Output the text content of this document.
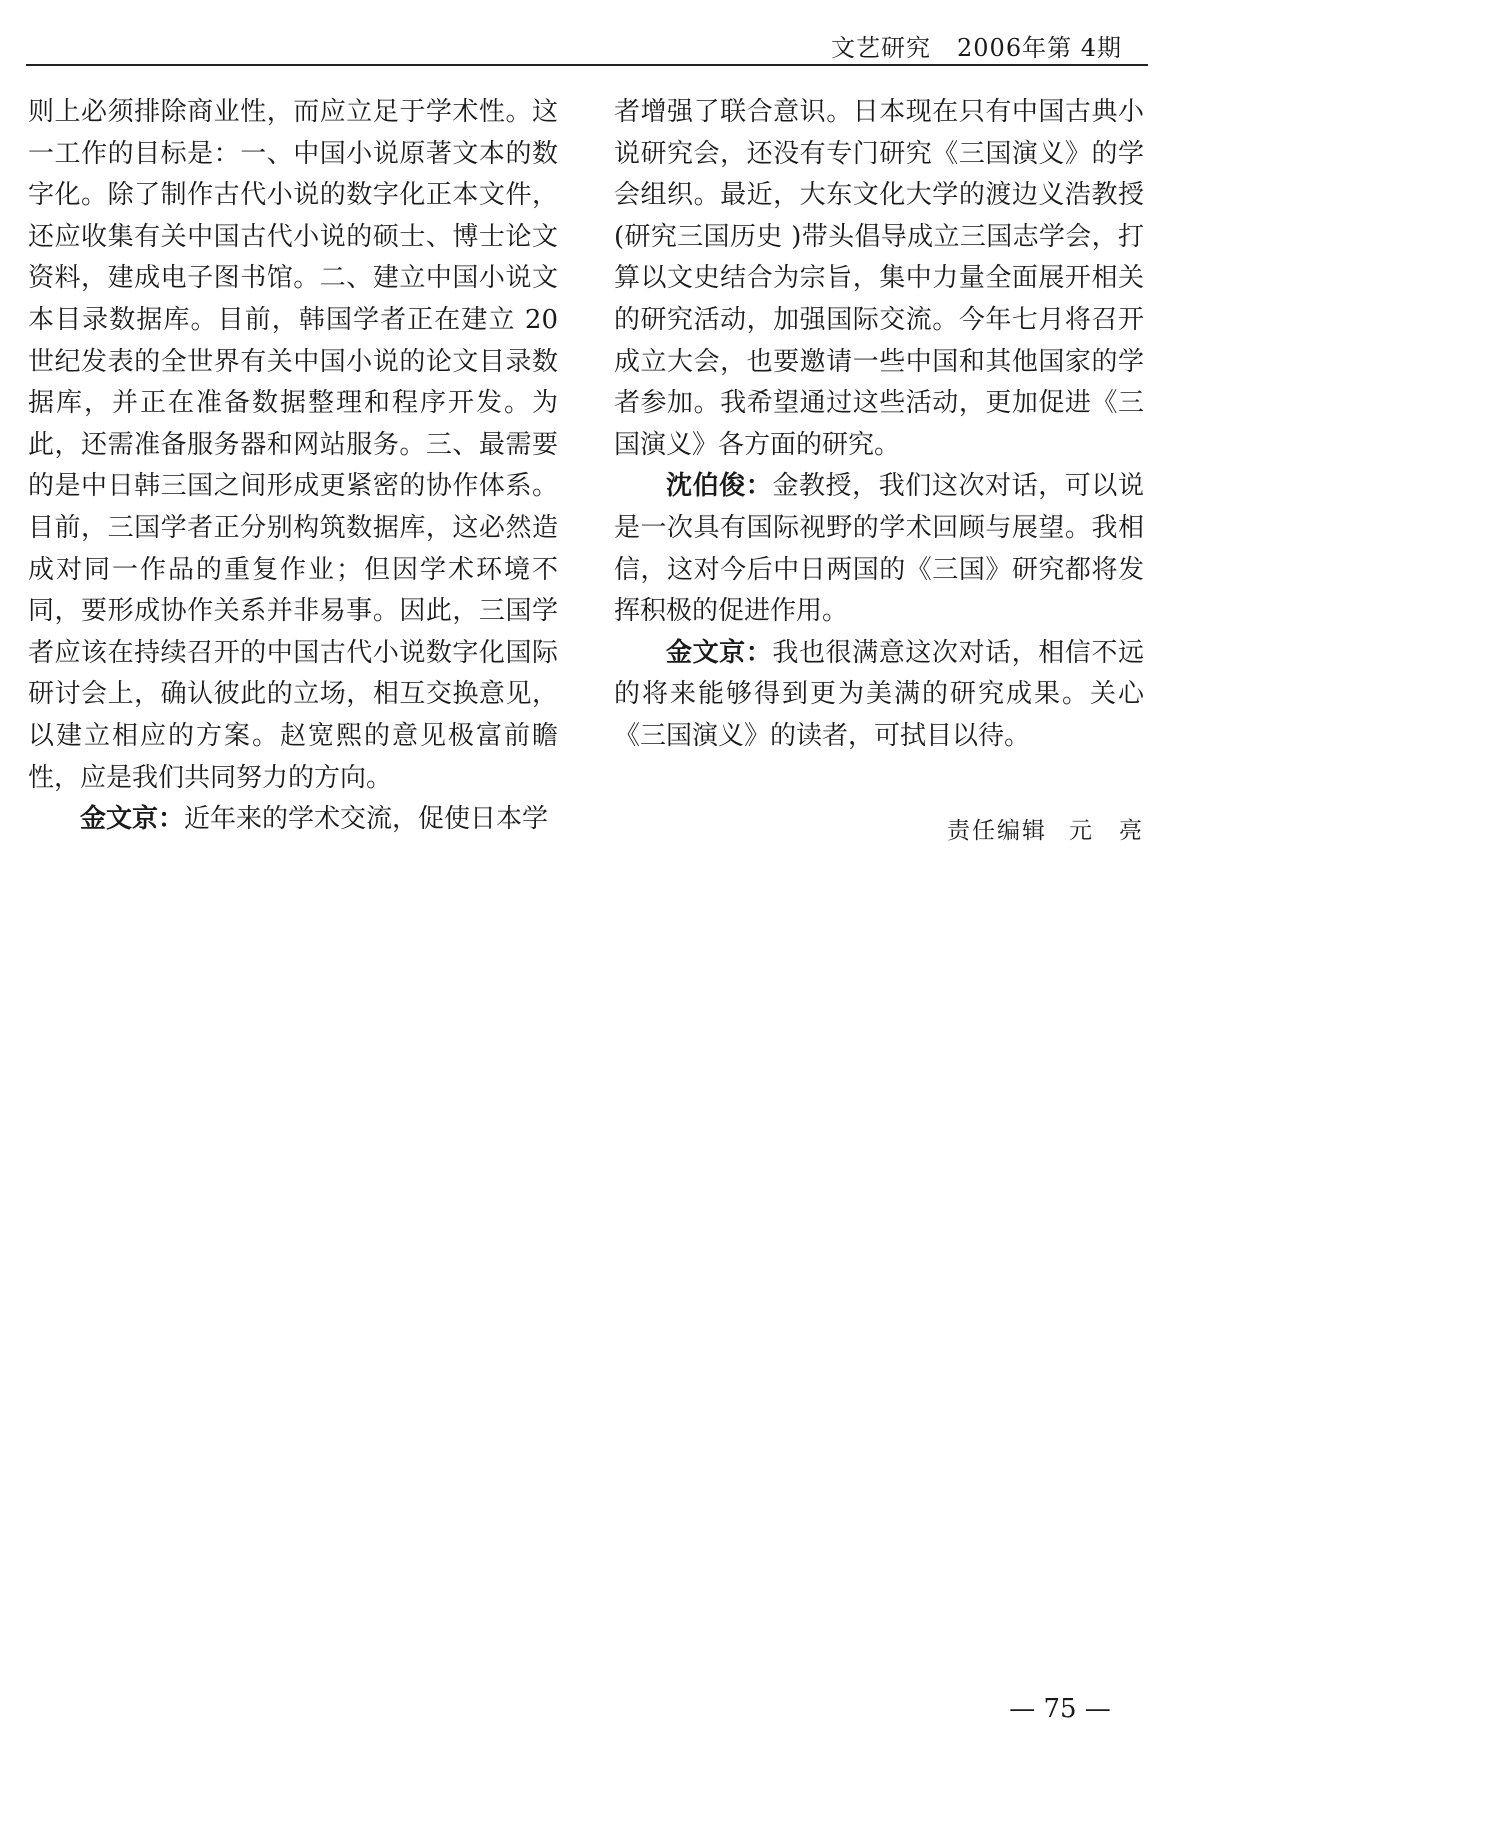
文艺研究 2006年第 4期

则上必须排除商业性，而应立足于学术性。这一工作的目标是：一、中国小说原著文本的数字化。除了制作古代小说的数字化正本文件，还应收集有关中国古代小说的硕士、博士论文资料，建成电子图书馆。二、建立中国小说文本目录数据库。目前，韩国学者正在建立 20世纪发表的全世界有关中国小说的论文目录数据库，并正在准备数据整理和程序开发。为此，还需准备服务器和网站服务。三、最需要的是中日韩三国之间形成更紧密的协作体系。目前，三国学者正分别构筑数据库，这必然造成对同一作品的重复作业；但因学术环境不同，要形成协作关系并非易事。因此，三国学者应该在持续召开的中国古代小说数字化国际研讨会上，确认彼此的立场，相互交换意见，以建立相应的方案。赵宽熙的意见极富前瞻性，应是我们共同努力的方向。

金文京：近年来的学术交流，促使日本学

者增强了联合意识。日本现在只有中国古典小说研究会，还没有专门研究《三国演义》的学会组织。最近，大东文化大学的渡边义浩教授 (研究三国历史 )带头倡导成立三国志学会，打算以文史结合为宗旨，集中力量全面展开相关的研究活动，加强国际交流。今年七月将召开成立大会，也要邀请一些中国和其他国家的学者参加。我希望通过这些活动，更加促进《三国演义》各方面的研究。

沈伯俊：金教授，我们这次对话，可以说是一次具有国际视野的学术回顾与展望。我相信，这对今后中日两国的《三国》研究都将发挥积极的促进作用。

金文京：我也很满意这次对话，相信不远的将来能够得到更为美满的研究成果。关心《三国演义》的读者，可拭目以待。

责任编辑 元　亮
— 75 —
